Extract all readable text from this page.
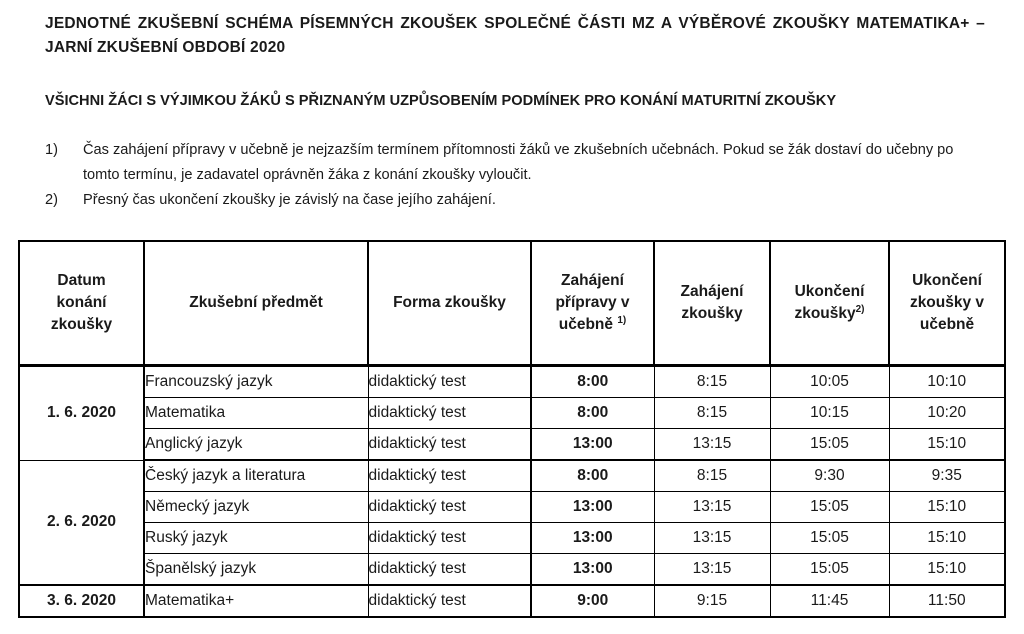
JEDNOTNÉ ZKUŠEBNÍ SCHÉMA PÍSEMNÝCH ZKOUŠEK SPOLEČNÉ ČÁSTI MZ A VÝBĚROVÉ ZKOUŠKY MATEMATIKA+ – JARNÍ ZKUŠEBNÍ OBDOBÍ 2020
VŠICHNI ŽÁCI S VÝJIMKOU ŽÁKŮ S PŘIZNANÝM UZPŮSOBENÍM PODMÍNEK PRO KONÁNÍ MATURITNÍ ZKOUŠKY
1) Čas zahájení přípravy v učebně je nejzazším termínem přítomnosti žáků ve zkušebních učebnách. Pokud se žák dostaví do učebny po tomto termínu, je zadavatel oprávněn žáka z konání zkoušky vyloučit.
2) Přesný čas ukončení zkoušky je závislý na čase jejího zahájení.
Datum konání zkoušky	Zkušební předmět	Forma zkoušky	Zahájení přípravy v učebně $^{1)}$	Zahájení zkoušky	Ukončení zkoušky$^{2)}$	Ukončení zkoušky v učebně

1. 6. 2020	Francouzský jazyk	didaktický test	8:00	8:15	10:05	10:10
	Matematika	didaktický test	8:00	8:15	10:15	10:20
	Anglický jazyk	didaktický test	13:00	13:15	15:05	15:10
2. 6. 2020	Český jazyk a literatura	didaktický test	8:00	8:15	9:30	9:35
	Německý jazyk	didaktický test	13:00	13:15	15:05	15:10
	Ruský jazyk	didaktický test	13:00	13:15	15:05	15:10
	Španělský jazyk	didaktický test	13:00	13:15	15:05	15:10
3. 6. 2020	Matematika+	didaktický test	9:00	9:15	11:45	11:50
